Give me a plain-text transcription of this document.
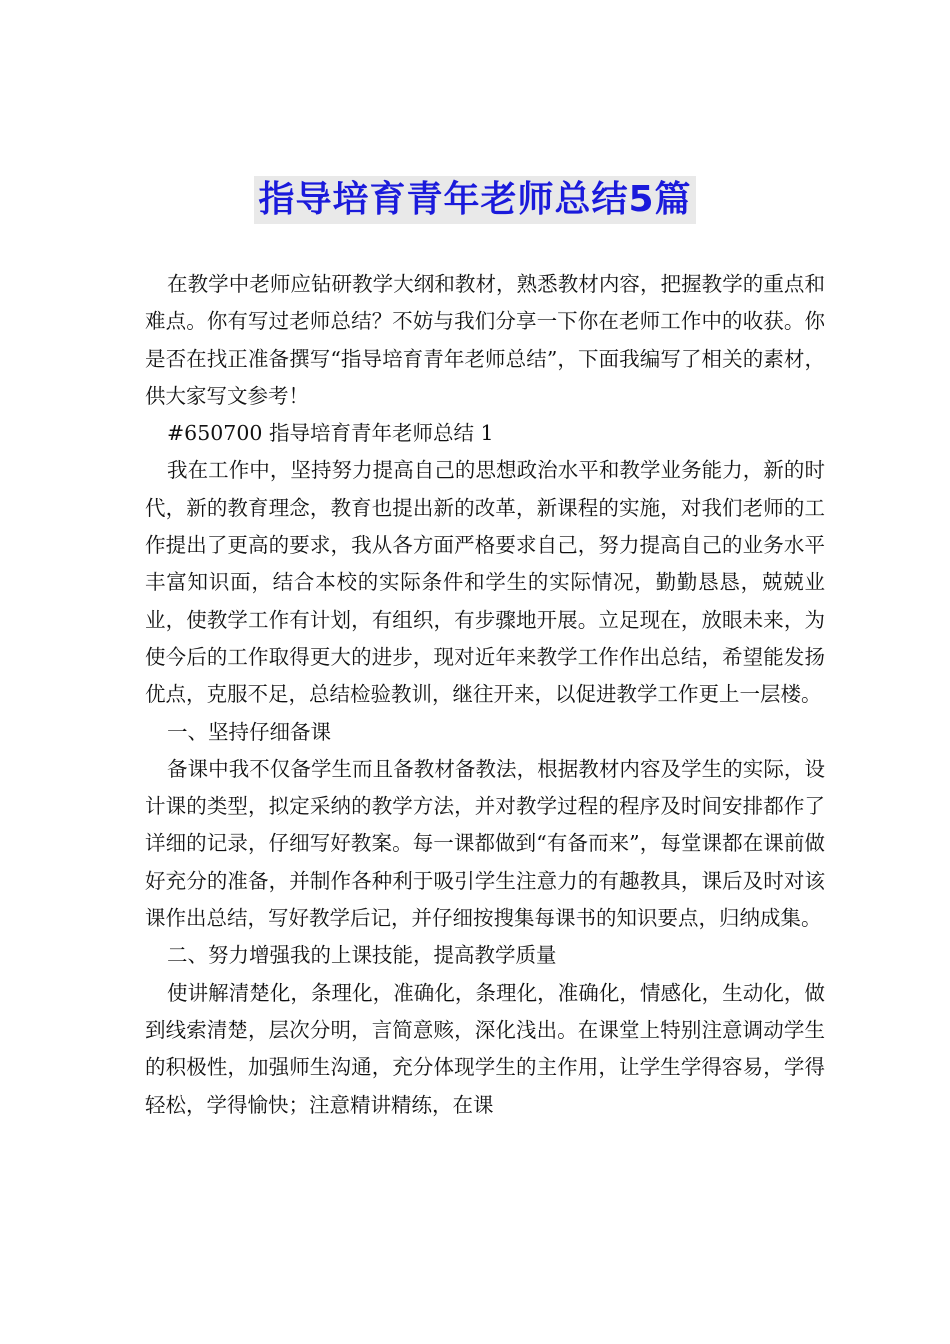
指导培育青年老师总结5篇

在教学中老师应钻研教学大纲和教材，熟悉教材内容，把握教学的重点和难点。你有写过老师总结？不妨与我们分享一下你在老师工作中的收获。你是否在找正准备撰写“指导培育青年老师总结”，下面我编写了相关的素材，供大家写文参考！

#650700 指导培育青年老师总结 1

我在工作中，坚持努力提高自己的思想政治水平和教学业务能力，新的时代，新的教育理念，教育也提出新的改革，新课程的实施，对我们老师的工作提出了更高的要求，我从各方面严格要求自己，努力提高自己的业务水平丰富知识面，结合本校的实际条件和学生的实际情况，勤勤恳恳，兢兢业业，使教学工作有计划，有组织，有步骤地开展。立足现在，放眼未来，为使今后的工作取得更大的进步，现对近年来教学工作作出总结，希望能发扬优点，克服不足，总结检验教训，继往开来，以促进教学工作更上一层楼。

一、坚持仔细备课

备课中我不仅备学生而且备教材备教法，根据教材内容及学生的实际，设计课的类型，拟定采纳的教学方法，并对教学过程的程序及时间安排都作了详细的记录，仔细写好教案。每一课都做到“有备而来”，每堂课都在课前做好充分的准备，并制作各种利于吸引学生注意力的有趣教具，课后及时对该课作出总结，写好教学后记，并仔细按搜集每课书的知识要点，归纳成集。

二、努力增强我的上课技能，提高教学质量

使讲解清楚化，条理化，准确化，条理化，准确化，情感化，生动化，做到线索清楚，层次分明，言简意赅，深化浅出。在课堂上特别注意调动学生的积极性，加强师生沟通，充分体现学生的主作用，让学生学得容易，学得轻松，学得愉快；注意精讲精练，在课
